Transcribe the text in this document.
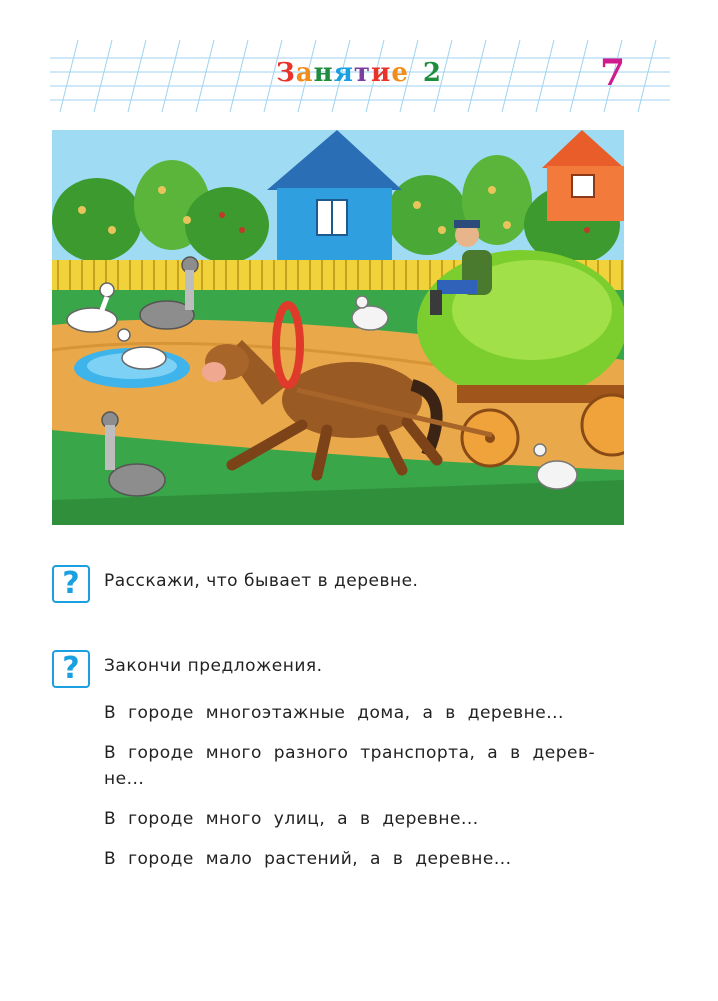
Занятие 2	7
?	Расскажи, что бывает в деревне.
?	Закончи предложения.
В городе многоэтажные дома, а в деревне...
В городе много разного транспорта, а в дерев-
не...
В городе много улиц, а в деревне...
В городе мало растений, а в деревне...
